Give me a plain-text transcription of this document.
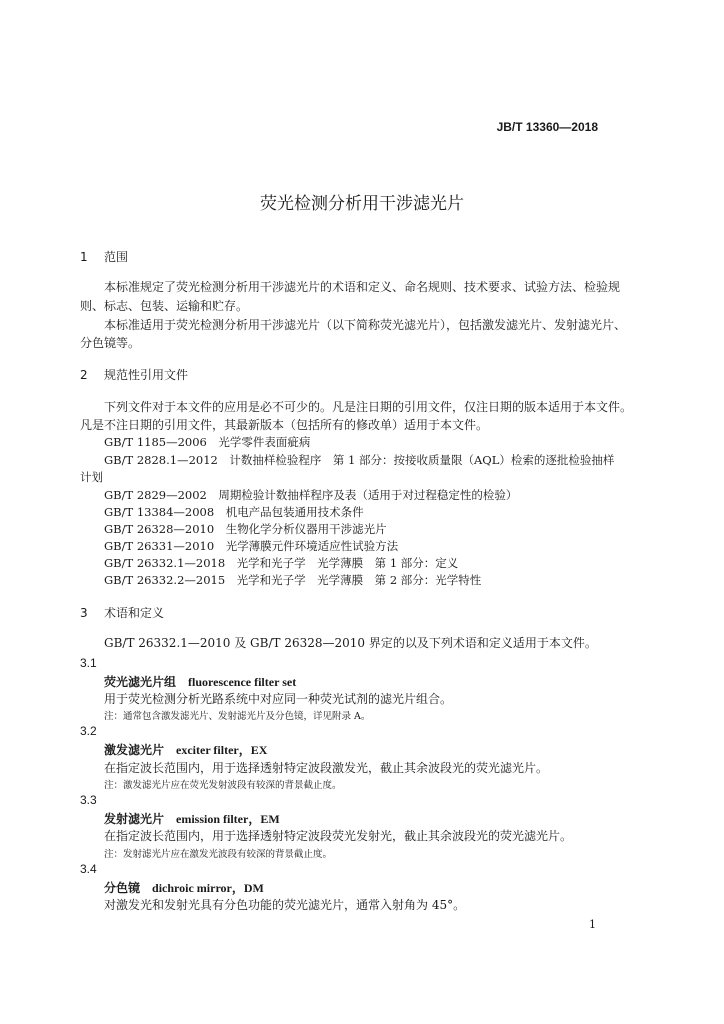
JB/T 13360—2018
荧光检测分析用干涉滤光片
1 范围
本标准规定了荧光检测分析用干涉滤光片的术语和定义、命名规则、技术要求、试验方法、检验规
则、标志、包装、运输和贮存。
本标准适用于荧光检测分析用干涉滤光片（以下简称荧光滤光片），包括激发滤光片、发射滤光片、
分色镜等。
2 规范性引用文件
下列文件对于本文件的应用是必不可少的。凡是注日期的引用文件，仅注日期的版本适用于本文件。
凡是不注日期的引用文件，其最新版本（包括所有的修改单）适用于本文件。
GB/T 1185—2006　光学零件表面疵病
GB/T 2828.1—2012　计数抽样检验程序　第 1 部分：按接收质量限（AQL）检索的逐批检验抽样
计划
GB/T 2829—2002　周期检验计数抽样程序及表（适用于对过程稳定性的检验）
GB/T 13384—2008　机电产品包装通用技术条件
GB/T 26328—2010　生物化学分析仪器用干涉滤光片
GB/T 26331—2010　光学薄膜元件环境适应性试验方法
GB/T 26332.1—2018　光学和光子学　光学薄膜　第 1 部分：定义
GB/T 26332.2—2015　光学和光子学　光学薄膜　第 2 部分：光学特性
3 术语和定义
GB/T 26332.1—2010 及 GB/T 26328—2010 界定的以及下列术语和定义适用于本文件。
3.1
荧光滤光片组 fluorescence filter set
用于荧光检测分析光路系统中对应同一种荧光试剂的滤光片组合。
注：通常包含激发滤光片、发射滤光片及分色镜，详见附录 A。
3.2
激发滤光片 exciter filter，EX
在指定波长范围内，用于选择透射特定波段激发光，截止其余波段光的荧光滤光片。
注：激发滤光片应在荧光发射波段有较深的背景截止度。
3.3
发射滤光片 emission filter，EM
在指定波长范围内，用于选择透射特定波段荧光发射光，截止其余波段光的荧光滤光片。
注：发射滤光片应在激发光波段有较深的背景截止度。
3.4
分色镜 dichroic mirror，DM
对激发光和发射光具有分色功能的荧光滤光片，通常入射角为 45°。
1
